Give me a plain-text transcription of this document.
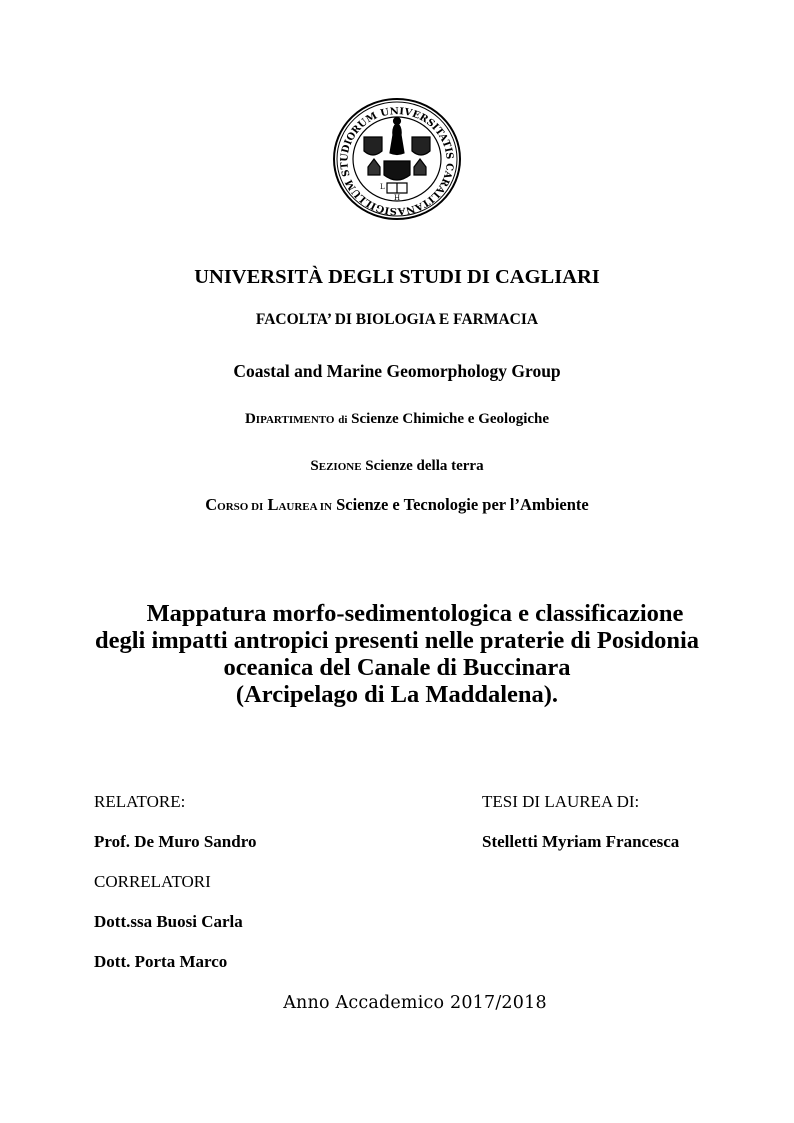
SIGILLUM STUDIORUM UNIVERSITATIS CARALITANA
L
H
UNIVERSITÀ DEGLI STUDI DI CAGLIARI
FACOLTA’ DI BIOLOGIA E FARMACIA
Coastal and Marine Geomorphology Group
DIPARTIMENTO di Scienze Chimiche e Geologiche
SEZIONE Scienze della terra
CORSO DI LAUREA IN Scienze e Tecnologie per l’Ambiente
Mappatura morfo-sedimentologica e classificazione
degli impatti antropici presenti nelle praterie di Posidonia
oceanica del Canale di Buccinara
(Arcipelago di La Maddalena).
RELATORE:
Prof. De Muro Sandro
CORRELATORI
Dott.ssa Buosi Carla
Dott. Porta Marco
TESI DI LAUREA DI:
Stelletti Myriam Francesca
Anno Accademico 2017/2018
